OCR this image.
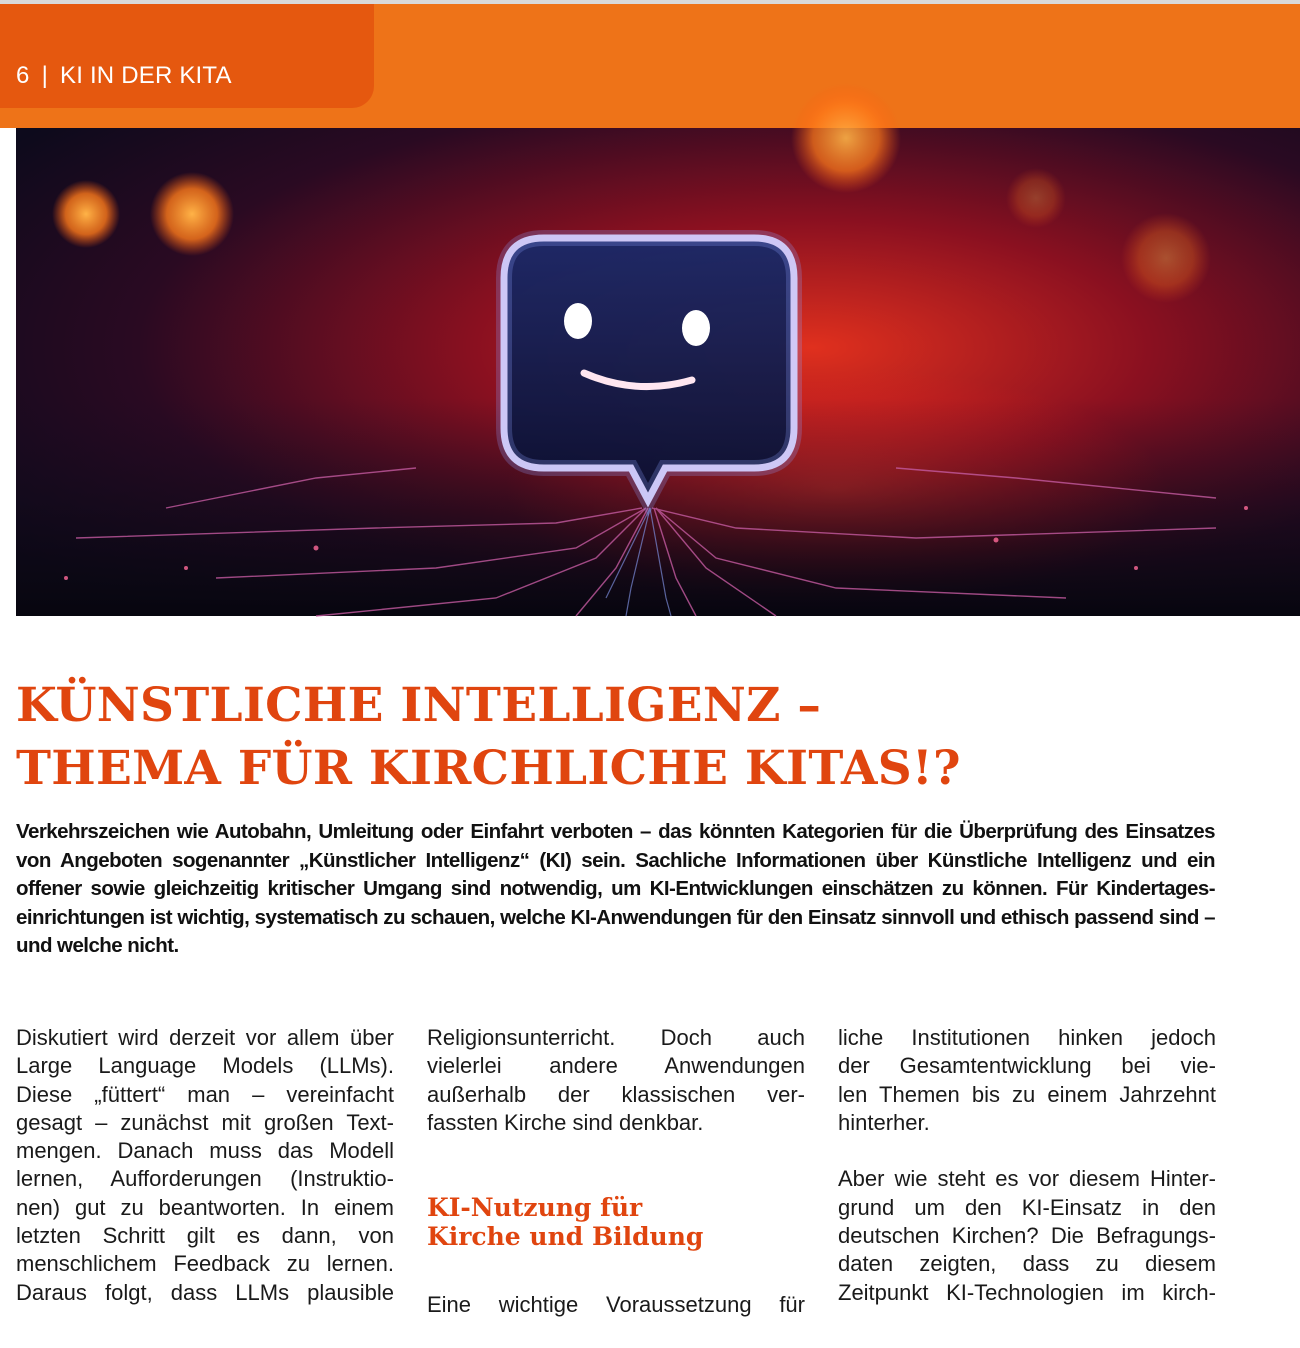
6 | KI IN DER KITA
KÜNSTLICHE INTELLIGENZ –
THEMA FÜR KIRCHLICHE KITAS!?
Verkehrszeichen wie Autobahn, Umleitung oder Einfahrt verboten – das könnten Kategorien für die Überprüfung des Einsatzes von Angeboten sogenannter „Künstlicher Intelligenz“ (KI) sein. Sachliche Informationen über Künstliche Intelligenz und ein offener sowie gleichzeitig kritischer Umgang sind notwendig, um KI-Entwicklungen einschätzen zu können. Für Kindertages-einrichtungen ist wichtig, systematisch zu schauen, welche KI-Anwendungen für den Einsatz sinnvoll und ethisch passend sind – und welche nicht.

Diskutiert wird derzeit vor allem über
Large Language Models (LLMs).
Diese „füttert“ man – vereinfacht
gesagt – zunächst mit großen Text-
mengen. Danach muss das Modell
lernen, Aufforderungen (Instruktio-
nen) gut zu beantworten. In einem
letzten Schritt gilt es dann, von
menschlichem Feedback zu lernen.
Daraus folgt, dass LLMs plausible

Religionsunterricht. Doch auch
vielerlei andere Anwendungen
außerhalb der klassischen ver-
fassten Kirche sind denkbar.

KI-Nutzung für
Kirche und Bildung

Eine wichtige Voraussetzung für

liche Institutionen hinken jedoch
der Gesamtentwicklung bei vie-
len Themen bis zu einem Jahrzehnt
hinterher.

Aber wie steht es vor diesem Hinter-
grund um den KI-Einsatz in den
deutschen Kirchen? Die Befragungs-
daten zeigten, dass zu diesem
Zeitpunkt KI-Technologien im kirch-
